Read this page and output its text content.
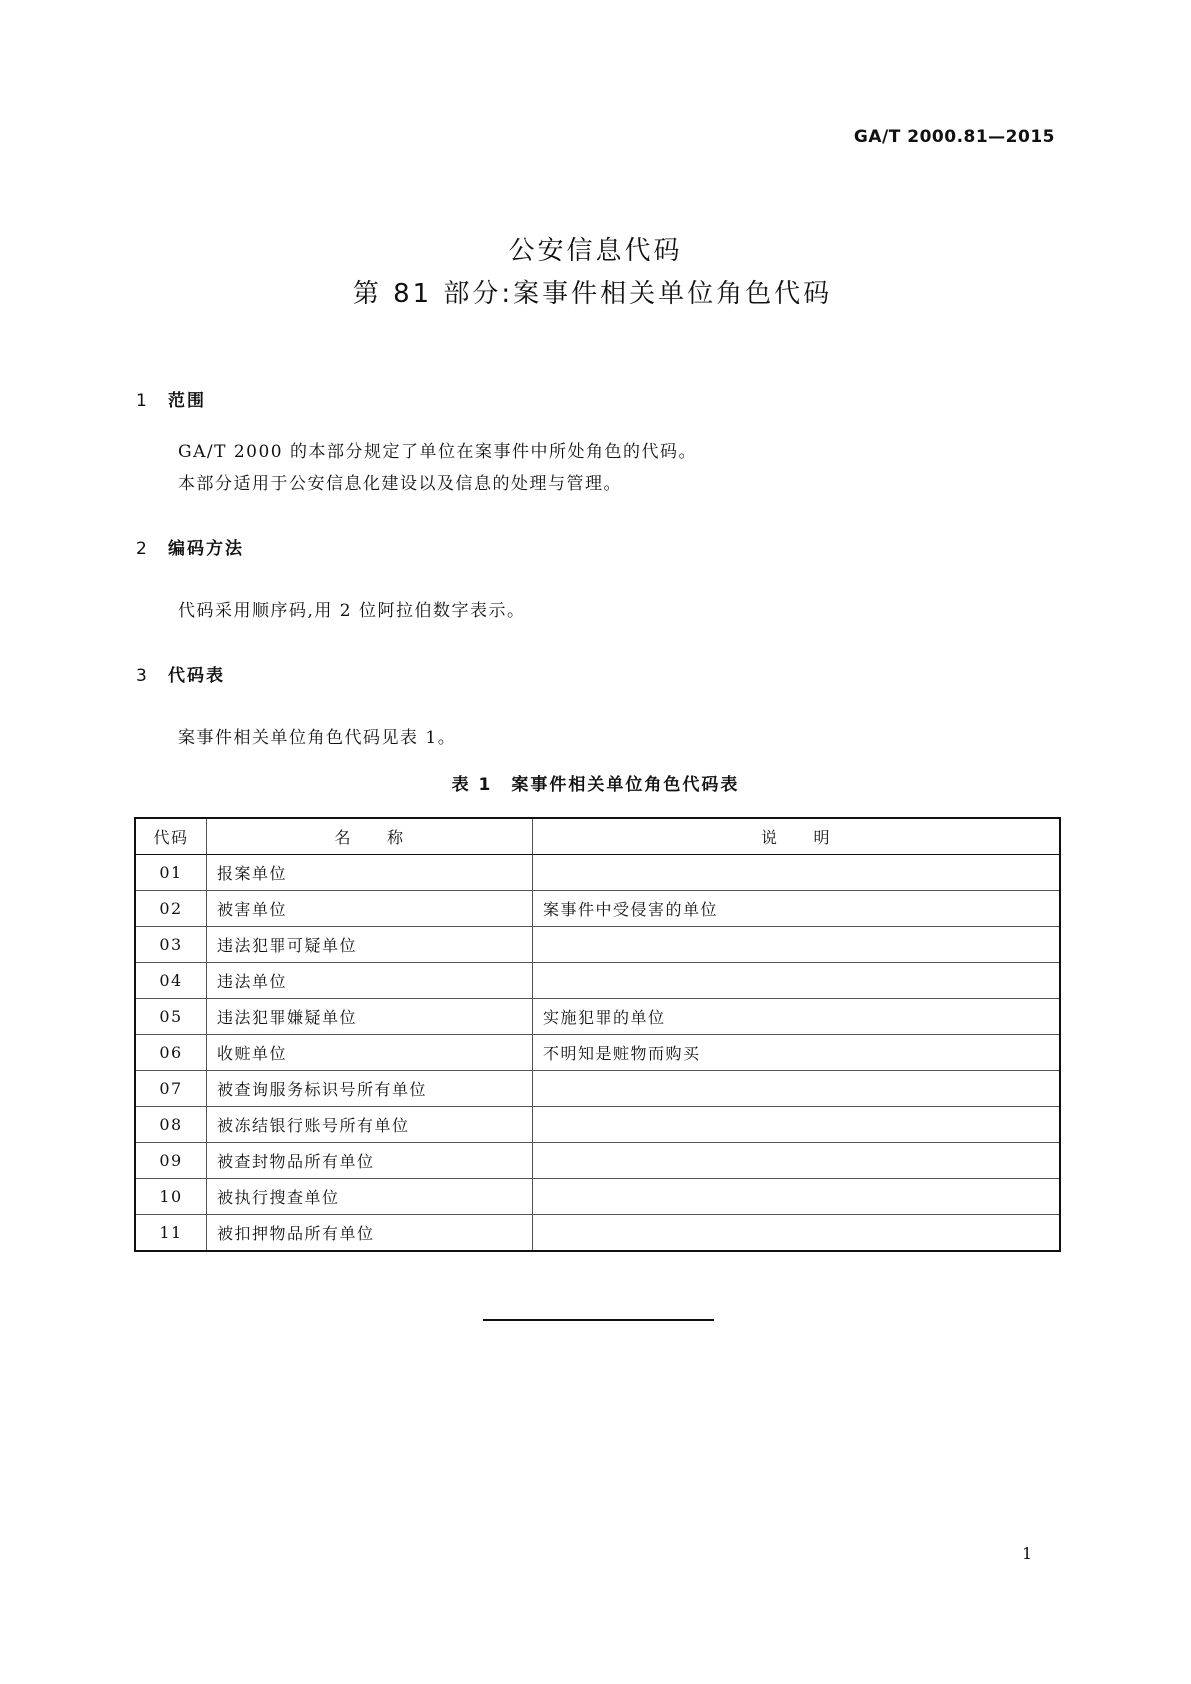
GA/T 2000.81—2015
公安信息代码
第 81 部分:案事件相关单位角色代码
1 范围
GA/T 2000 的本部分规定了单位在案事件中所处角色的代码。
本部分适用于公安信息化建设以及信息的处理与管理。
2 编码方法
代码采用顺序码,用 2 位阿拉伯数字表示。
3 代码表
案事件相关单位角色代码见表 1。
表 1　案事件相关单位角色代码表
代码	名　　称	说　　明
01	报案单位	
02	被害单位	案事件中受侵害的单位
03	违法犯罪可疑单位	
04	违法单位	
05	违法犯罪嫌疑单位	实施犯罪的单位
06	收赃单位	不明知是赃物而购买
07	被查询服务标识号所有单位	
08	被冻结银行账号所有单位	
09	被查封物品所有单位	
10	被执行搜查单位	
11	被扣押物品所有单位	
1
